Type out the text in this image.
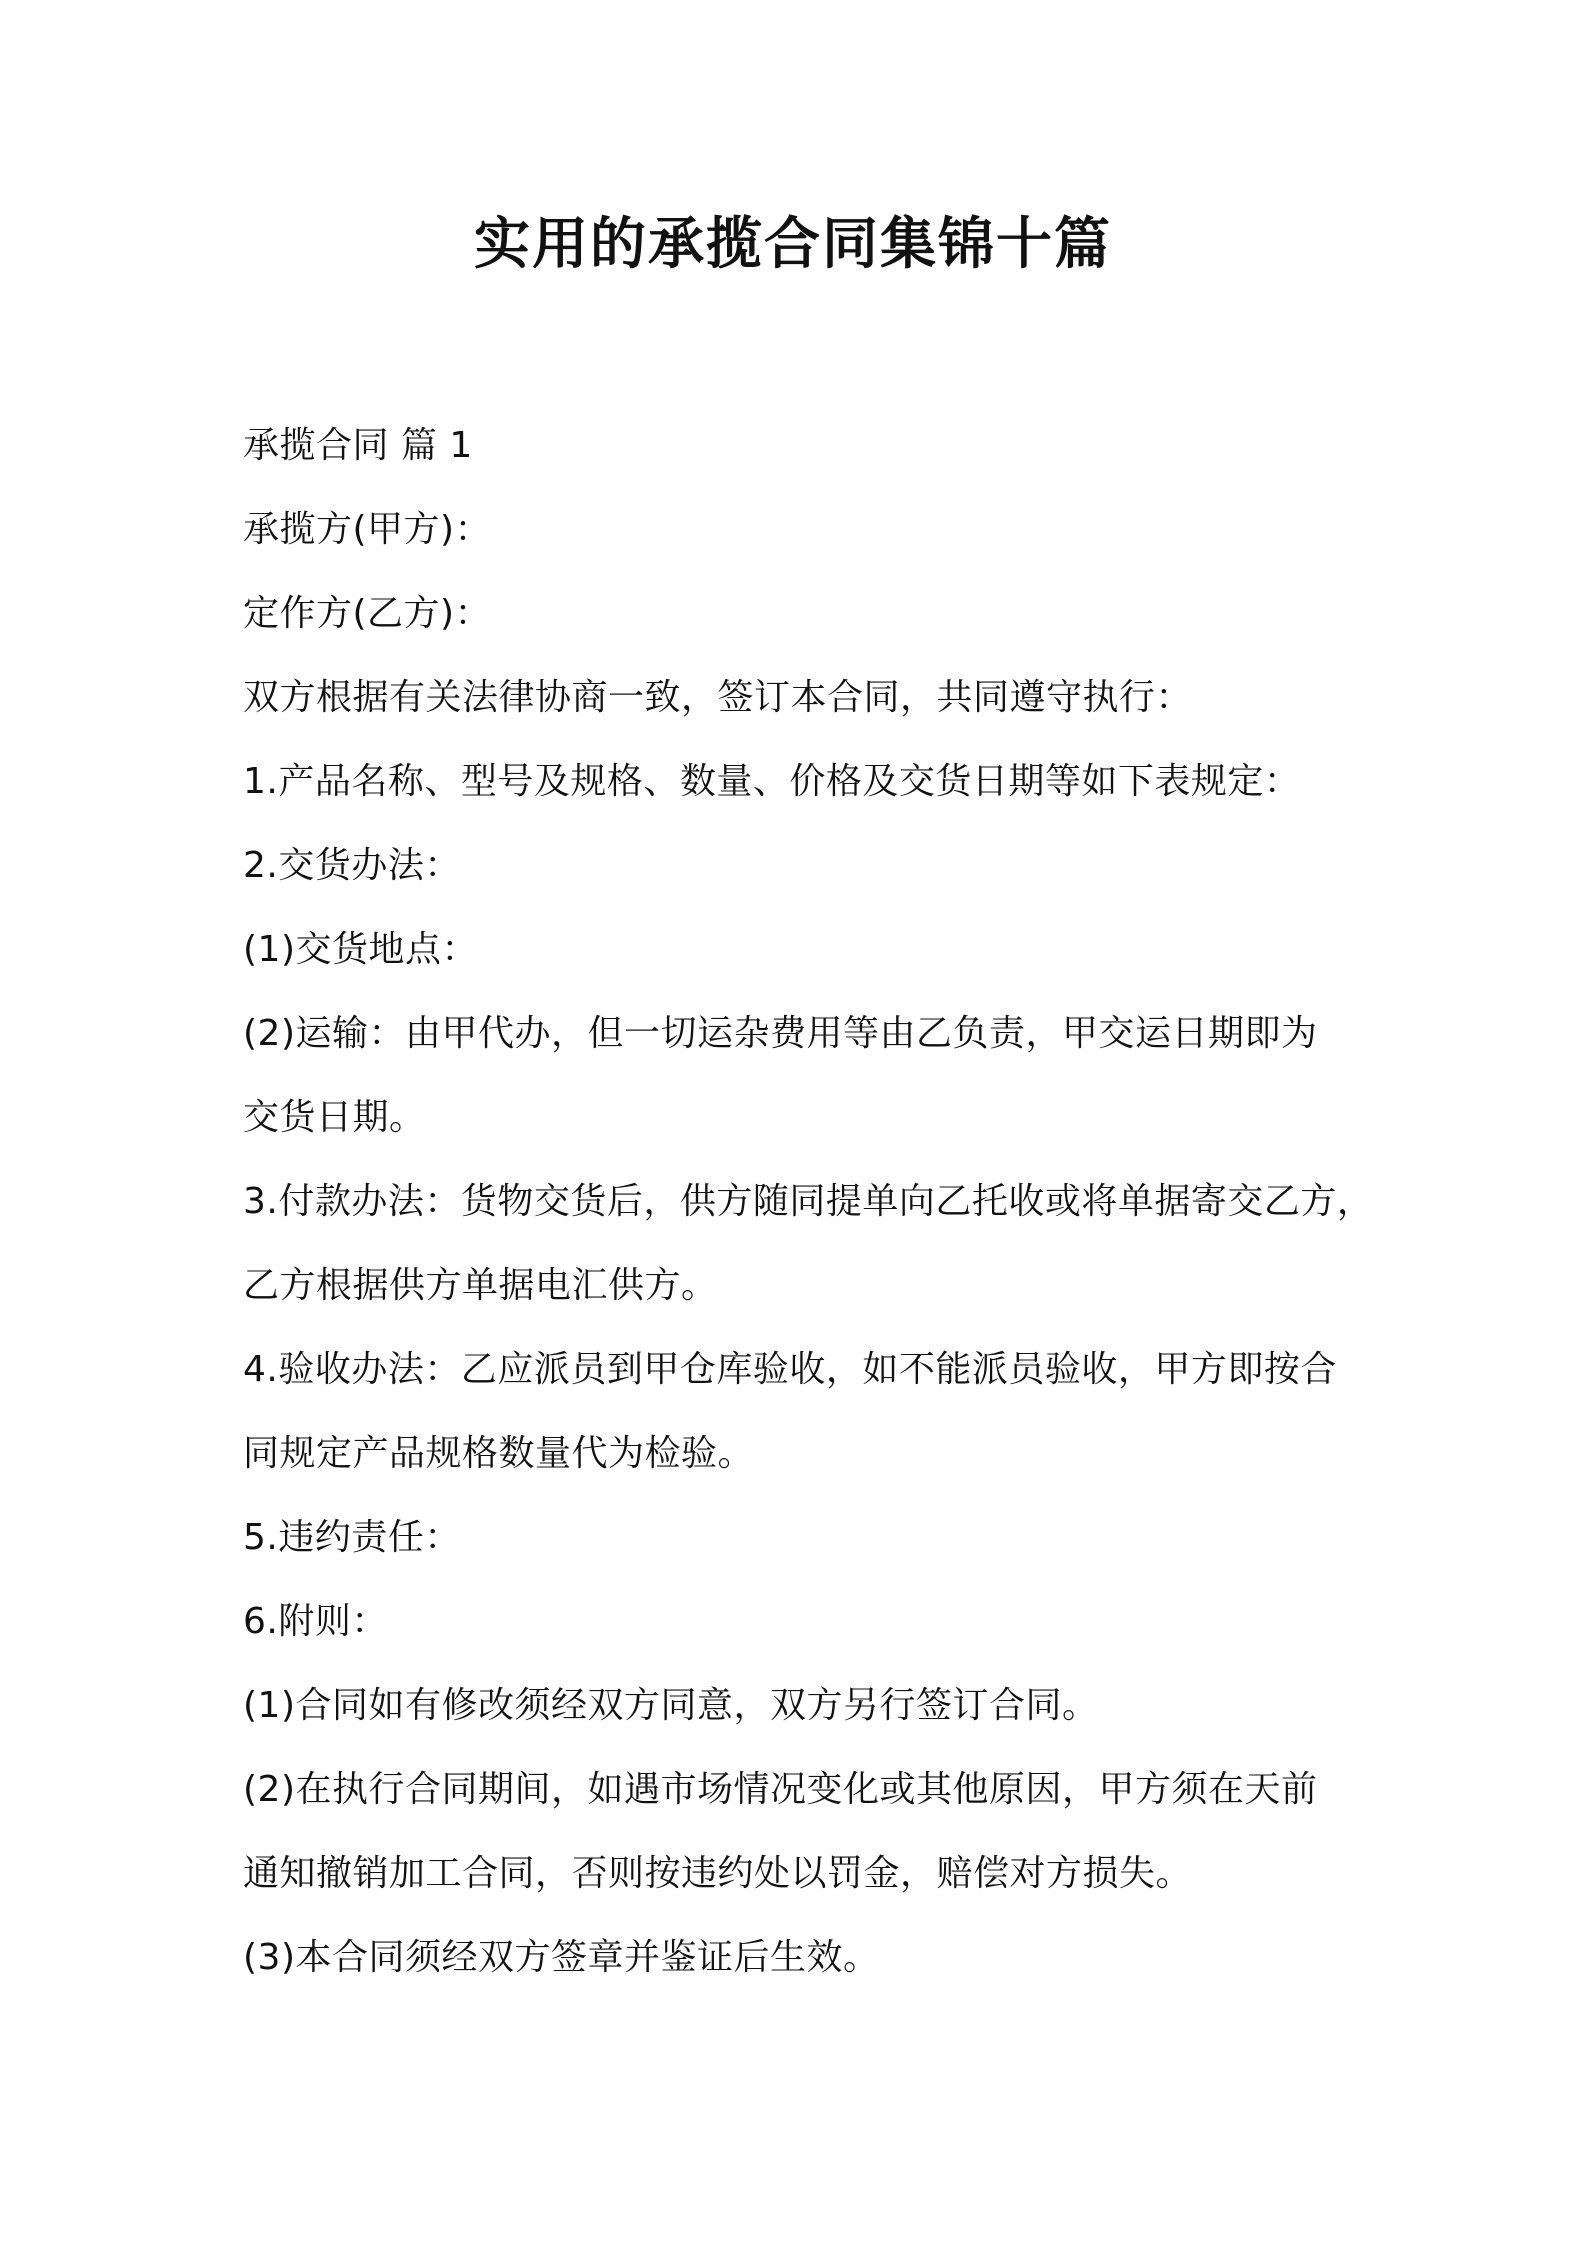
实用的承揽合同集锦十篇
承揽合同 篇 1
承揽方(甲方)：
定作方(乙方)：
双方根据有关法律协商一致，签订本合同，共同遵守执行：
1.产品名称、型号及规格、数量、价格及交货日期等如下表规定：
2.交货办法：
(1)交货地点：
(2)运输：由甲代办，但一切运杂费用等由乙负责，甲交运日期即为
交货日期。
3.付款办法：货物交货后，供方随同提单向乙托收或将单据寄交乙方，
乙方根据供方单据电汇供方。
4.验收办法：乙应派员到甲仓库验收，如不能派员验收，甲方即按合
同规定产品规格数量代为检验。
5.违约责任：
6.附则：
(1)合同如有修改须经双方同意，双方另行签订合同。
(2)在执行合同期间，如遇市场情况变化或其他原因，甲方须在天前
通知撤销加工合同，否则按违约处以罚金，赔偿对方损失。
(3)本合同须经双方签章并鉴证后生效。
